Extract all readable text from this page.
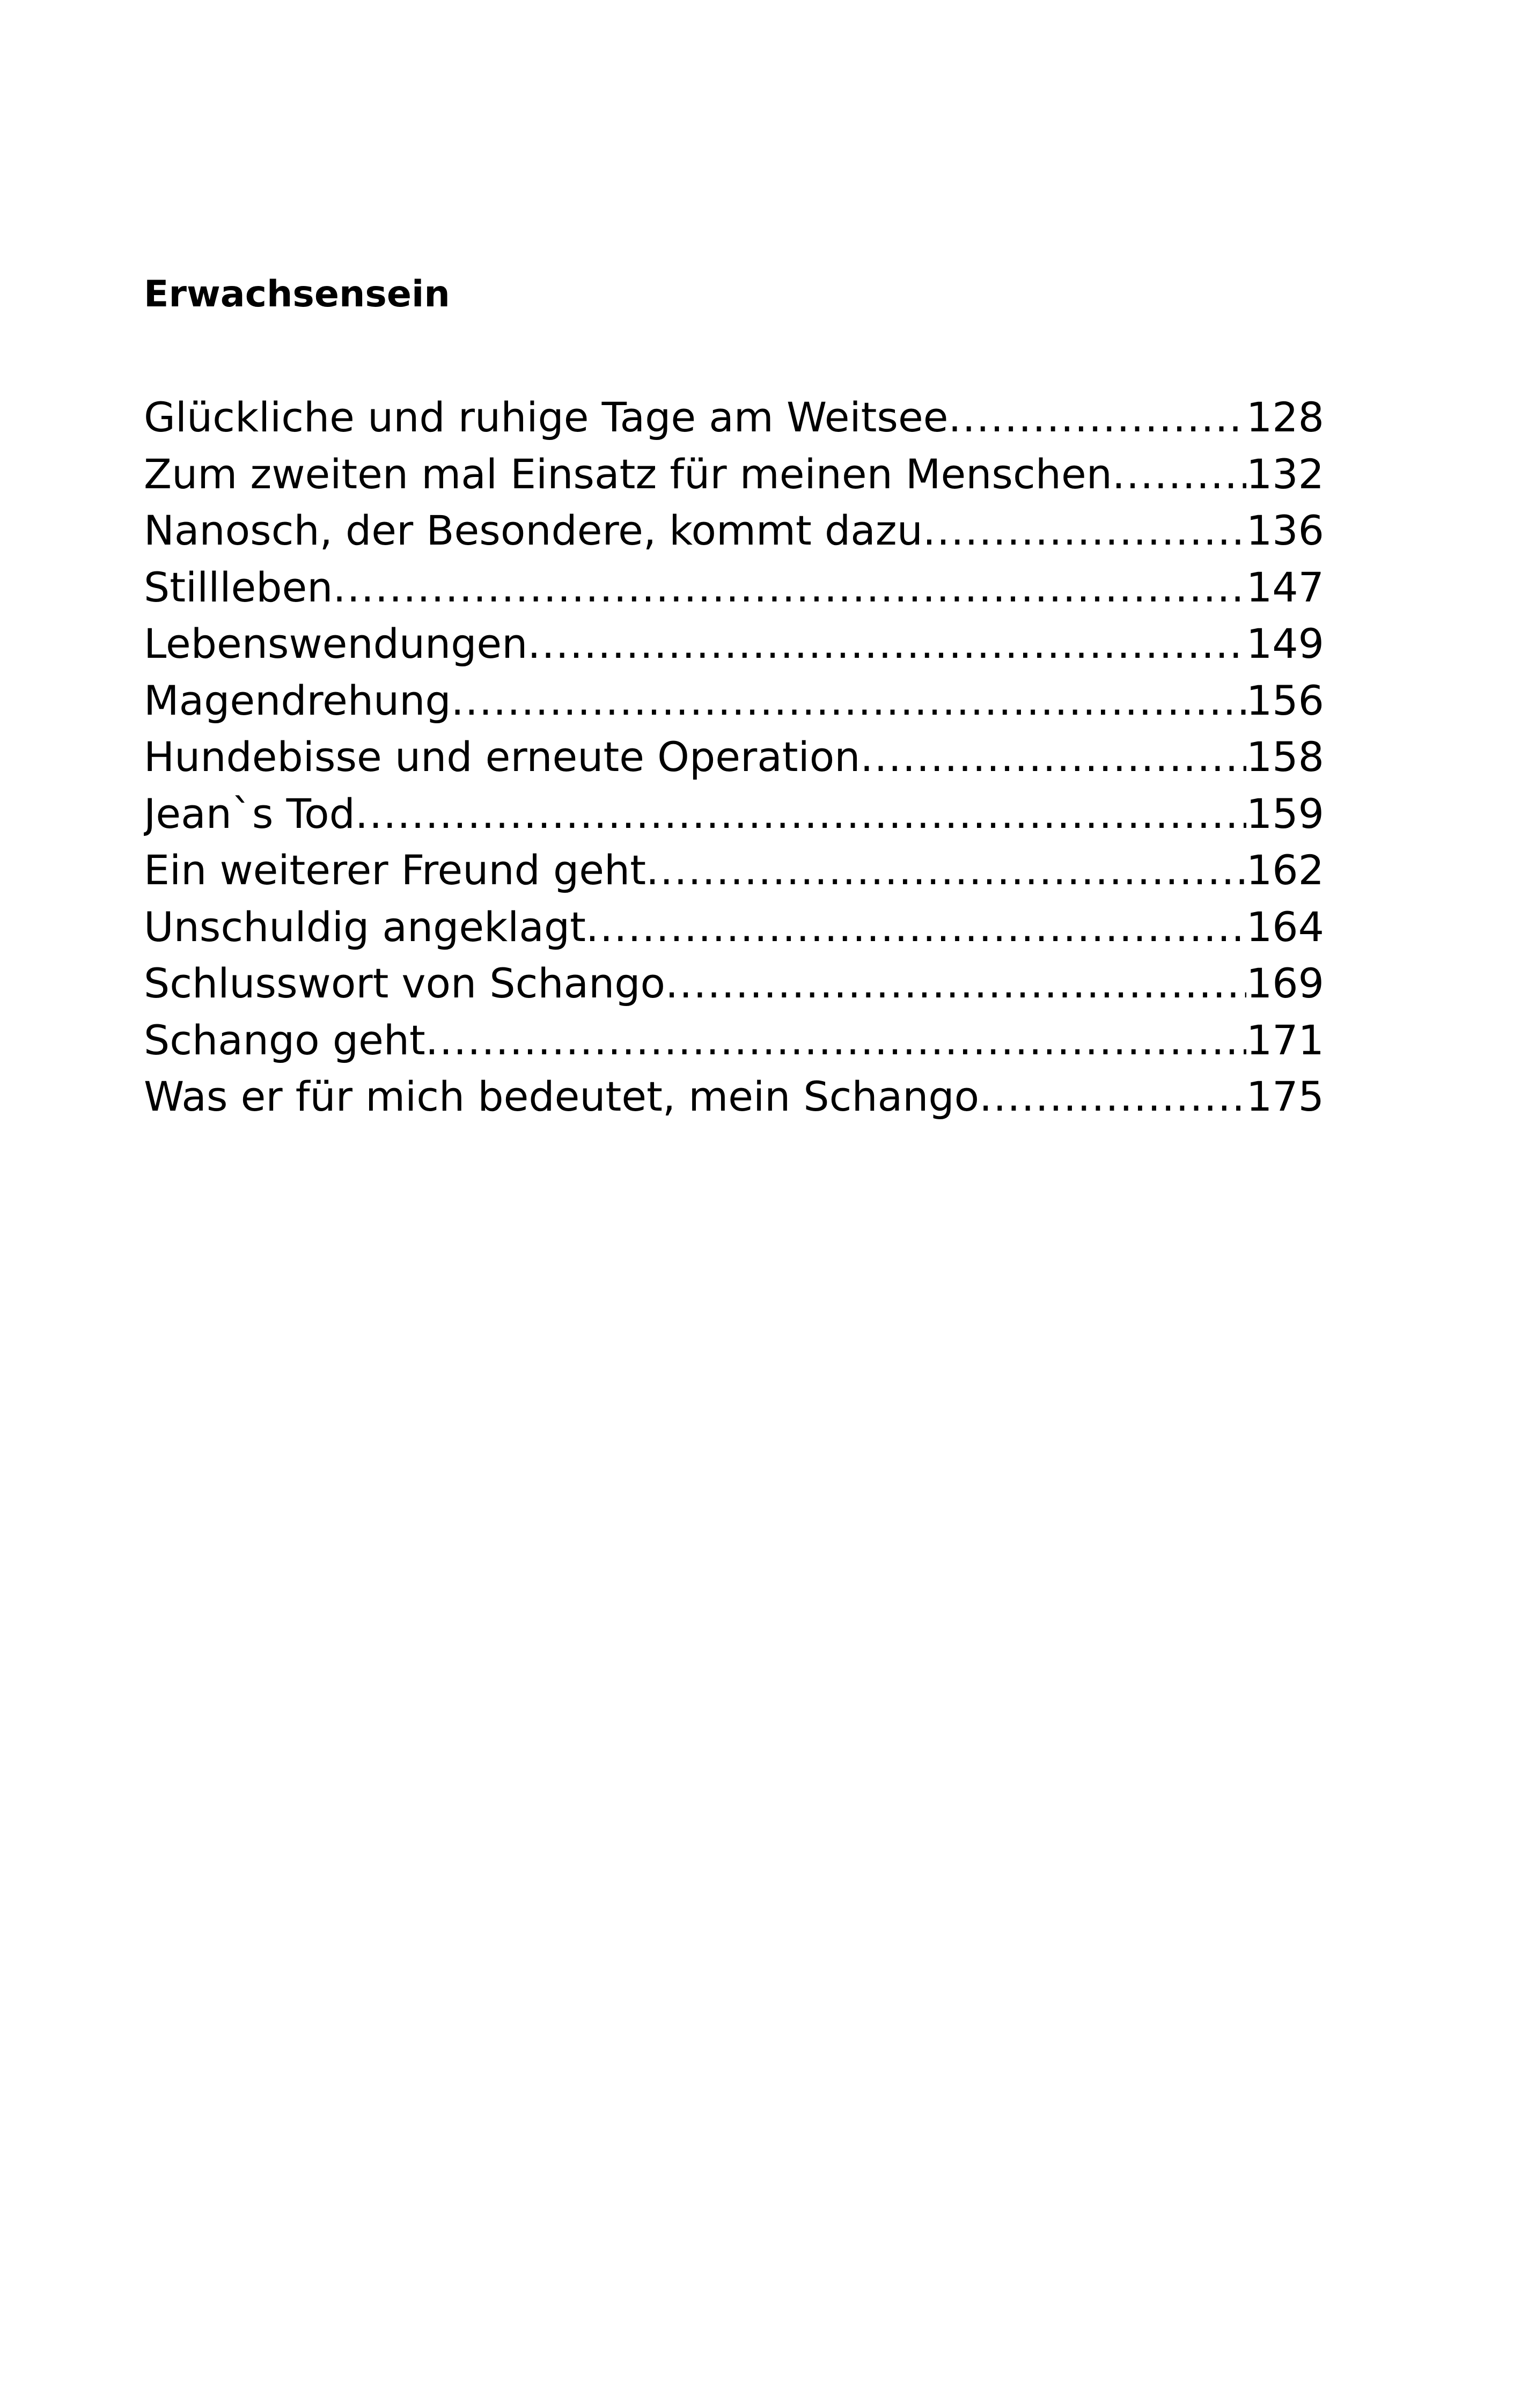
Erwachsensein
Glückliche und ruhige Tage am Weitsee .....	128
Zum zweiten mal Einsatz für meinen Menschen .....	132
Nanosch, der Besondere, kommt dazu .....	136
Stillleben .....	147
Lebenswendungen .....	149
Magendrehung .....	156
Hundebisse und erneute Operation .....	158
Jean`s Tod .....	159
Ein weiterer Freund geht .....	162
Unschuldig angeklagt .....	164
Schlusswort von Schango .....	169
Schango geht .....	171
Was er für mich bedeutet, mein Schango .....	175
